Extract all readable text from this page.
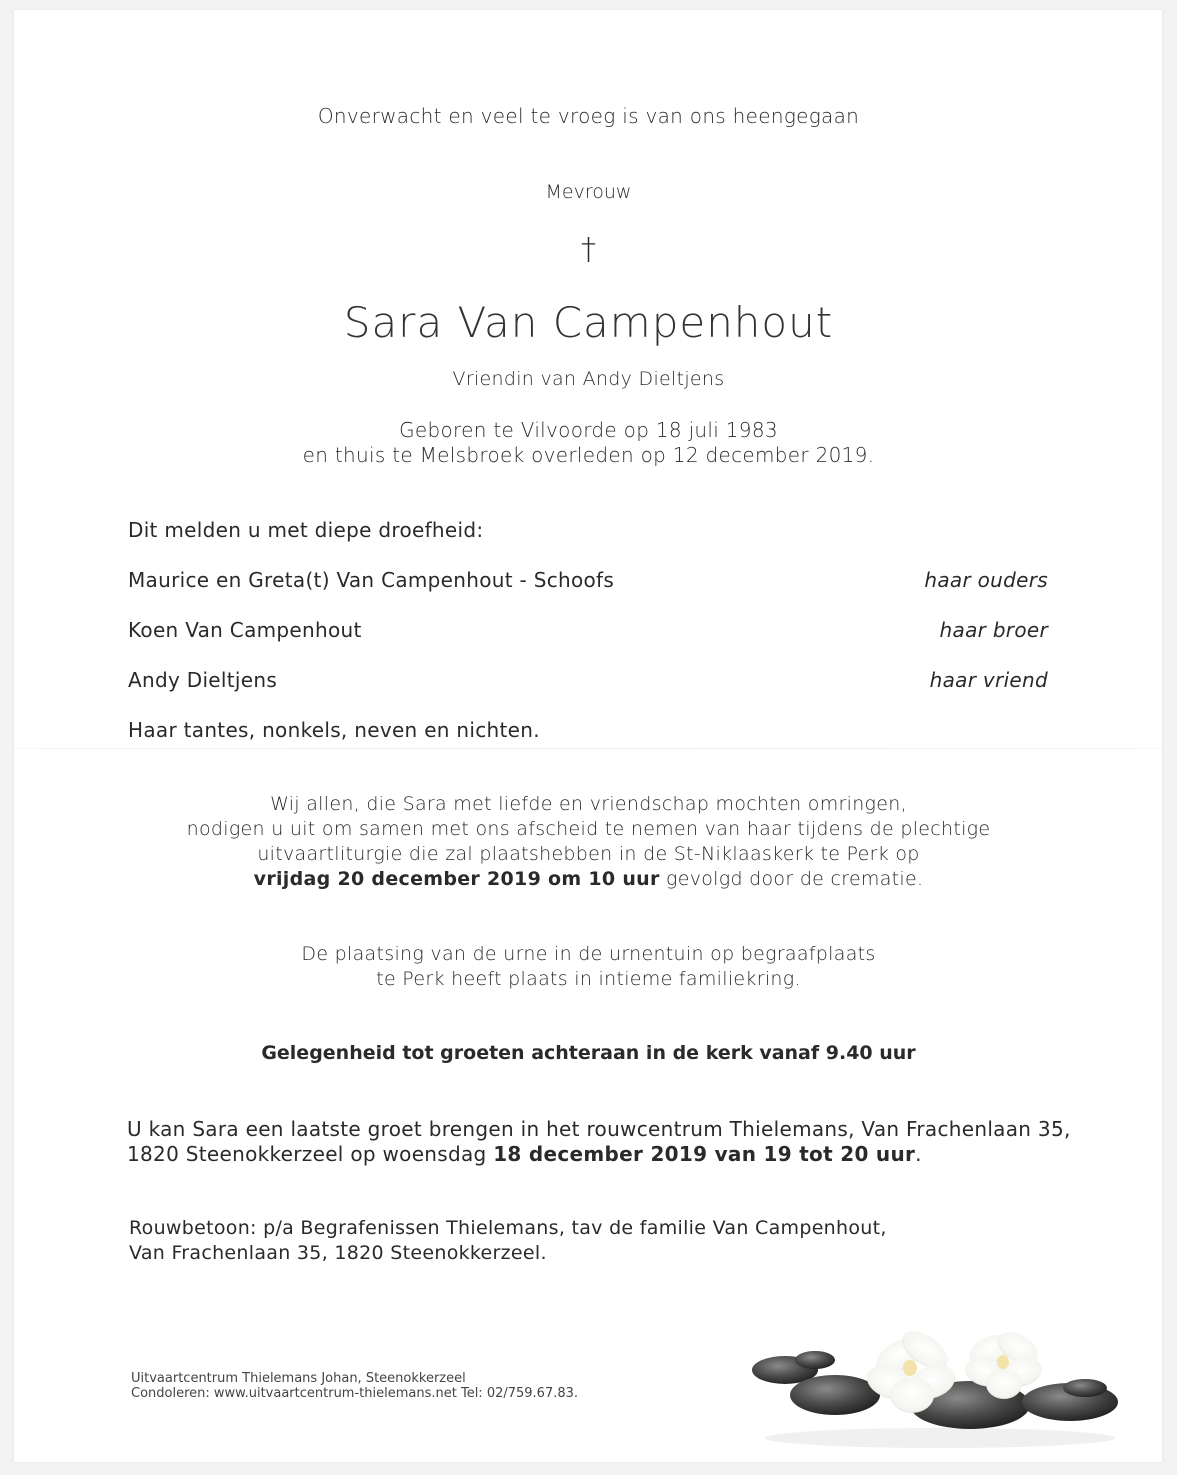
Onverwacht en veel te vroeg is van ons heengegaan
Mevrouw
†
Sara Van Campenhout
Vriendin van Andy Dieltjens
Geboren te Vilvoorde op 18 juli 1983
en thuis te Melsbroek overleden op 12 december 2019.
Dit melden u met diepe droefheid:
Maurice en Greta(t) Van Campenhout - Schoofs	haar ouders
Koen Van Campenhout	haar broer
Andy Dieltjens	haar vriend
Haar tantes, nonkels, neven en nichten.
Wij allen, die Sara met liefde en vriendschap mochten omringen,
nodigen u uit om samen met ons afscheid te nemen van haar tijdens de plechtige
uitvaartliturgie die zal plaatshebben in de St-Niklaaskerk te Perk op
vrijdag 20 december 2019 om 10 uur gevolgd door de crematie.
De plaatsing van de urne in de urnentuin op begraafplaats
te Perk heeft plaats in intieme familiekring.
Gelegenheid tot groeten achteraan in de kerk vanaf 9.40 uur
U kan Sara een laatste groet brengen in het rouwcentrum Thielemans, Van Frachenlaan 35,
1820 Steenokkerzeel op woensdag 18 december 2019 van 19 tot 20 uur.
Rouwbetoon: p/a Begrafenissen Thielemans, tav de familie Van Campenhout,
Van Frachenlaan 35, 1820 Steenokkerzeel.
Uitvaartcentrum Thielemans Johan, Steenokkerzeel
Condoleren: www.uitvaartcentrum-thielemans.net Tel: 02/759.67.83.
